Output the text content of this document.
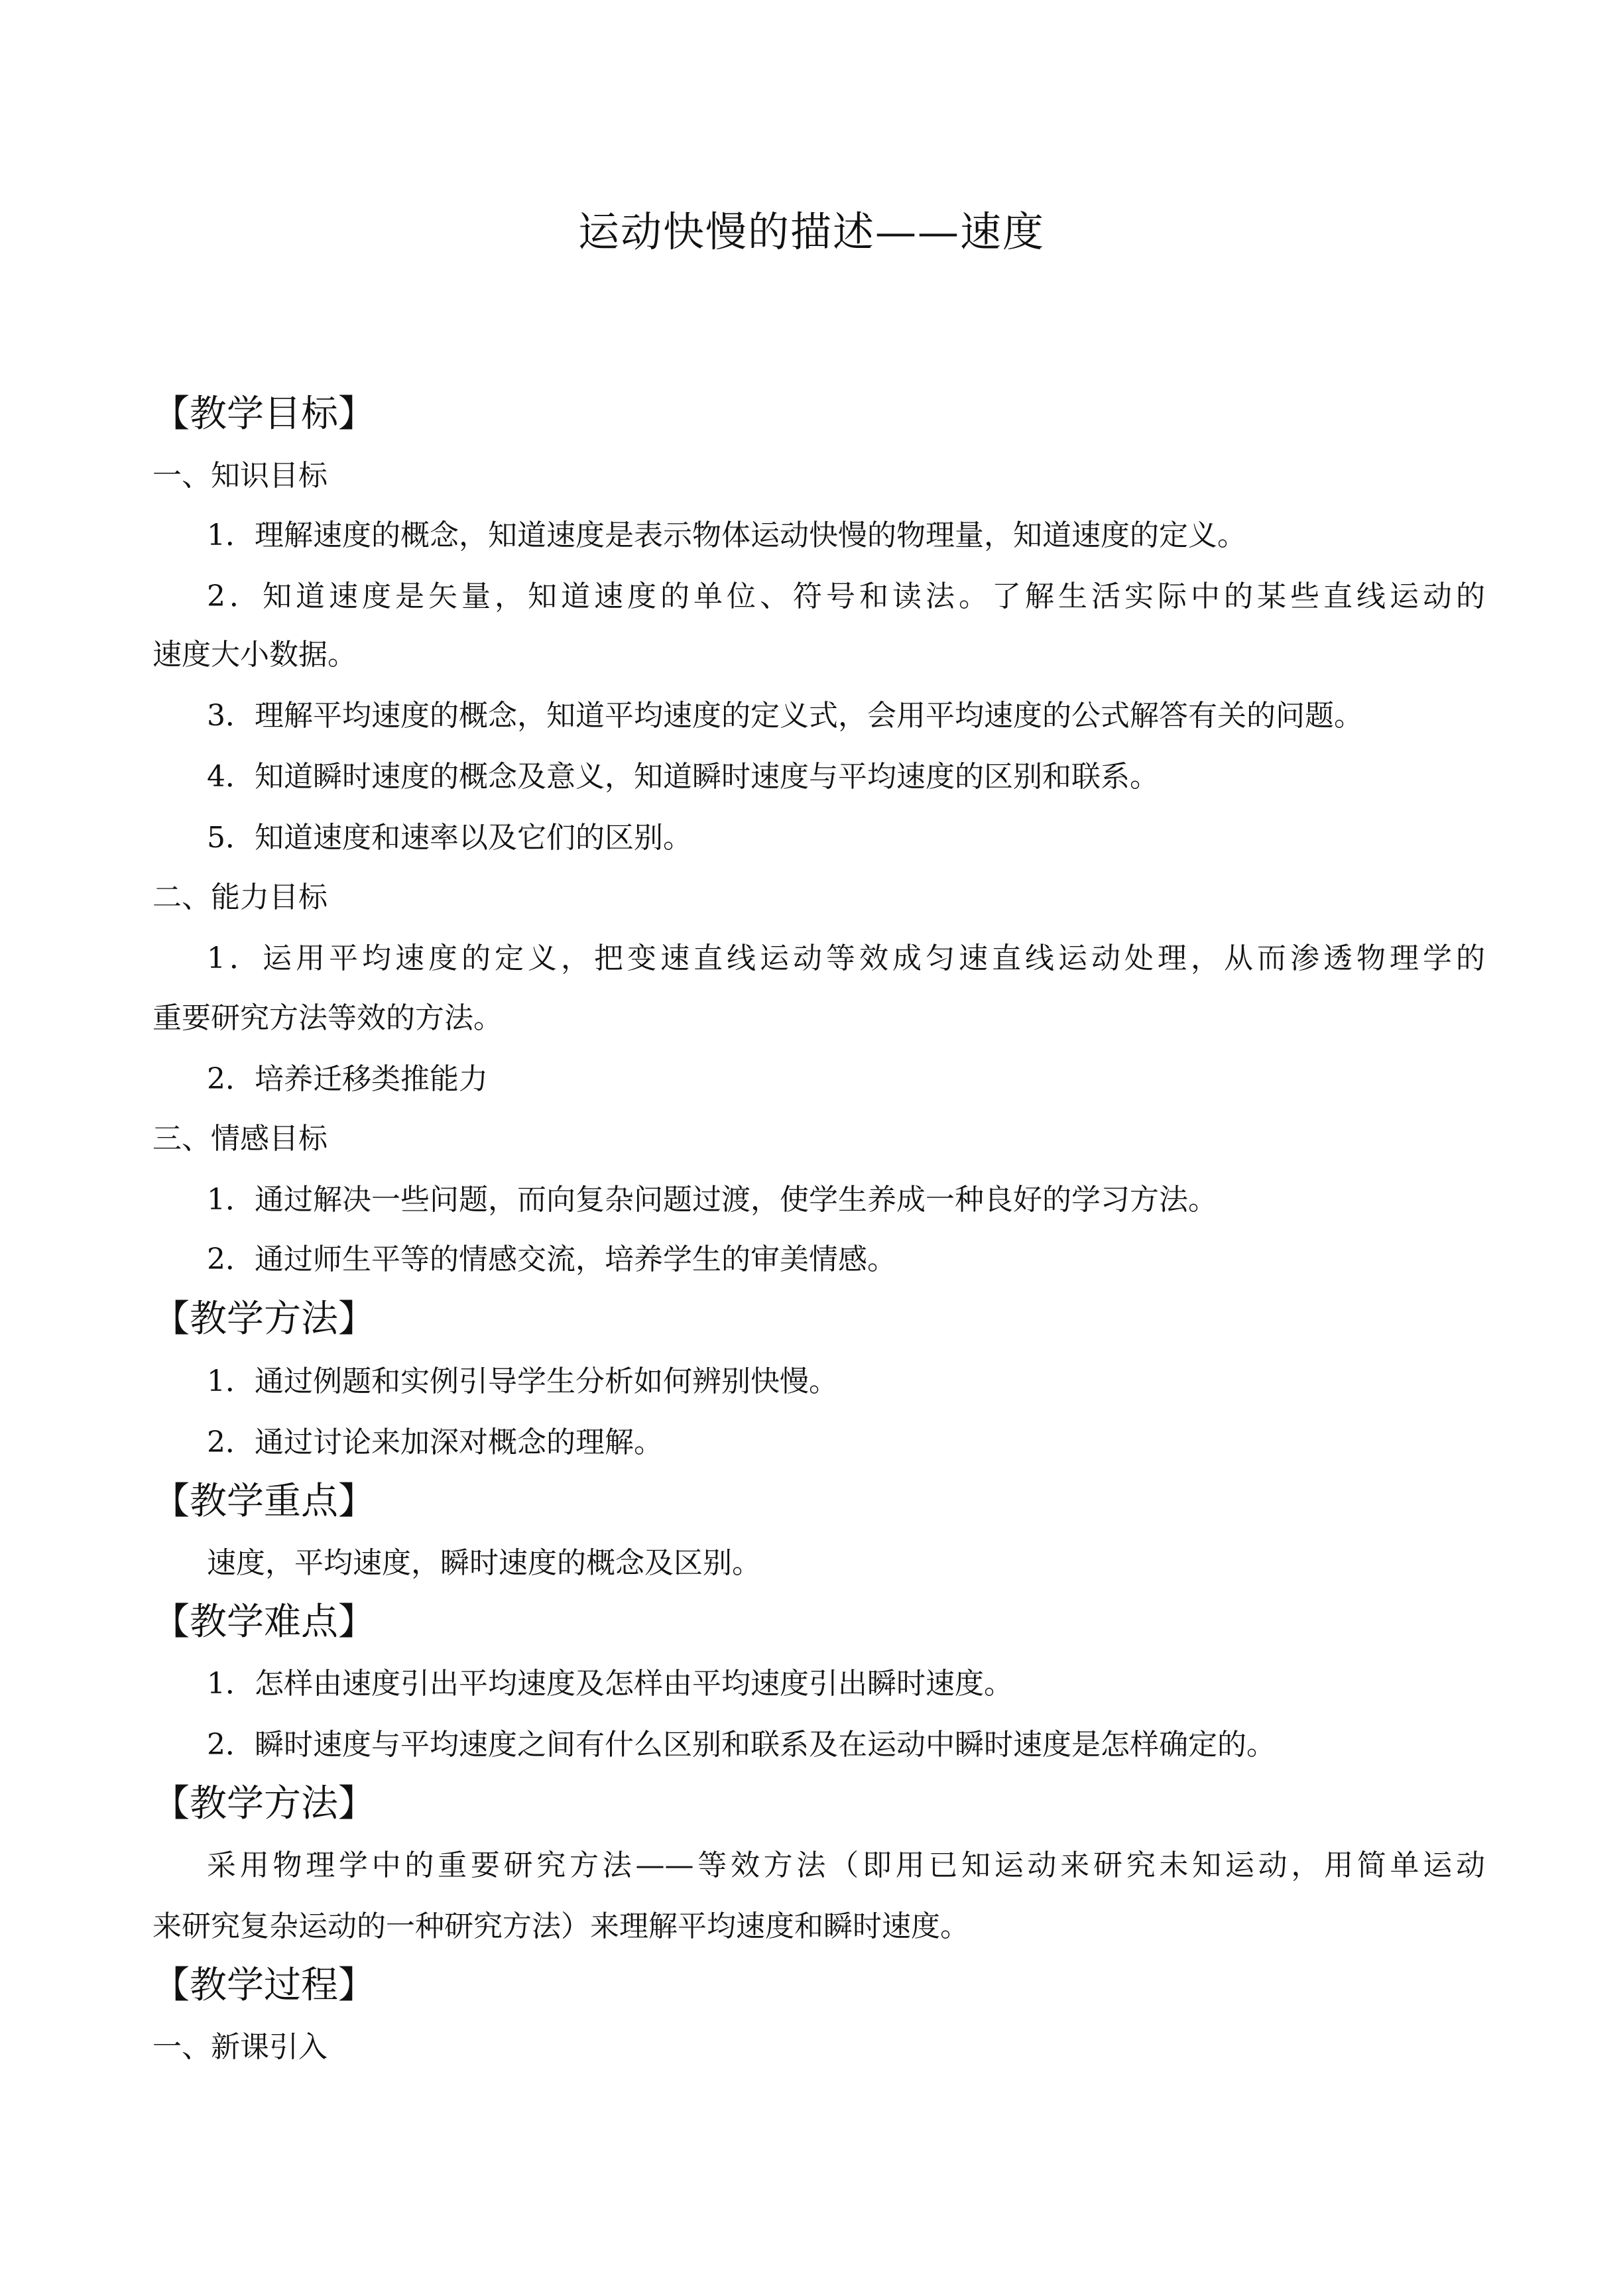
运动快慢的描述——速度
【教学目标】
一、知识目标
1．理解速度的概念，知道速度是表示物体运动快慢的物理量，知道速度的定义。
2．知道速度是矢量，知道速度的单位、符号和读法。了解生活实际中的某些直线运动的
速度大小数据。
3．理解平均速度的概念，知道平均速度的定义式，会用平均速度的公式解答有关的问题。
4．知道瞬时速度的概念及意义，知道瞬时速度与平均速度的区别和联系。
5．知道速度和速率以及它们的区别。
二、能力目标
1．运用平均速度的定义，把变速直线运动等效成匀速直线运动处理，从而渗透物理学的
重要研究方法等效的方法。
2．培养迁移类推能力
三、情感目标
1．通过解决一些问题，而向复杂问题过渡，使学生养成一种良好的学习方法。
2．通过师生平等的情感交流，培养学生的审美情感。
【教学方法】
1．通过例题和实例引导学生分析如何辨别快慢。
2．通过讨论来加深对概念的理解。
【教学重点】
速度，平均速度，瞬时速度的概念及区别。
【教学难点】
1．怎样由速度引出平均速度及怎样由平均速度引出瞬时速度。
2．瞬时速度与平均速度之间有什么区别和联系及在运动中瞬时速度是怎样确定的。
【教学方法】
采用物理学中的重要研究方法——等效方法（即用已知运动来研究未知运动，用简单运动
来研究复杂运动的一种研究方法）来理解平均速度和瞬时速度。
【教学过程】
一、新课引入
